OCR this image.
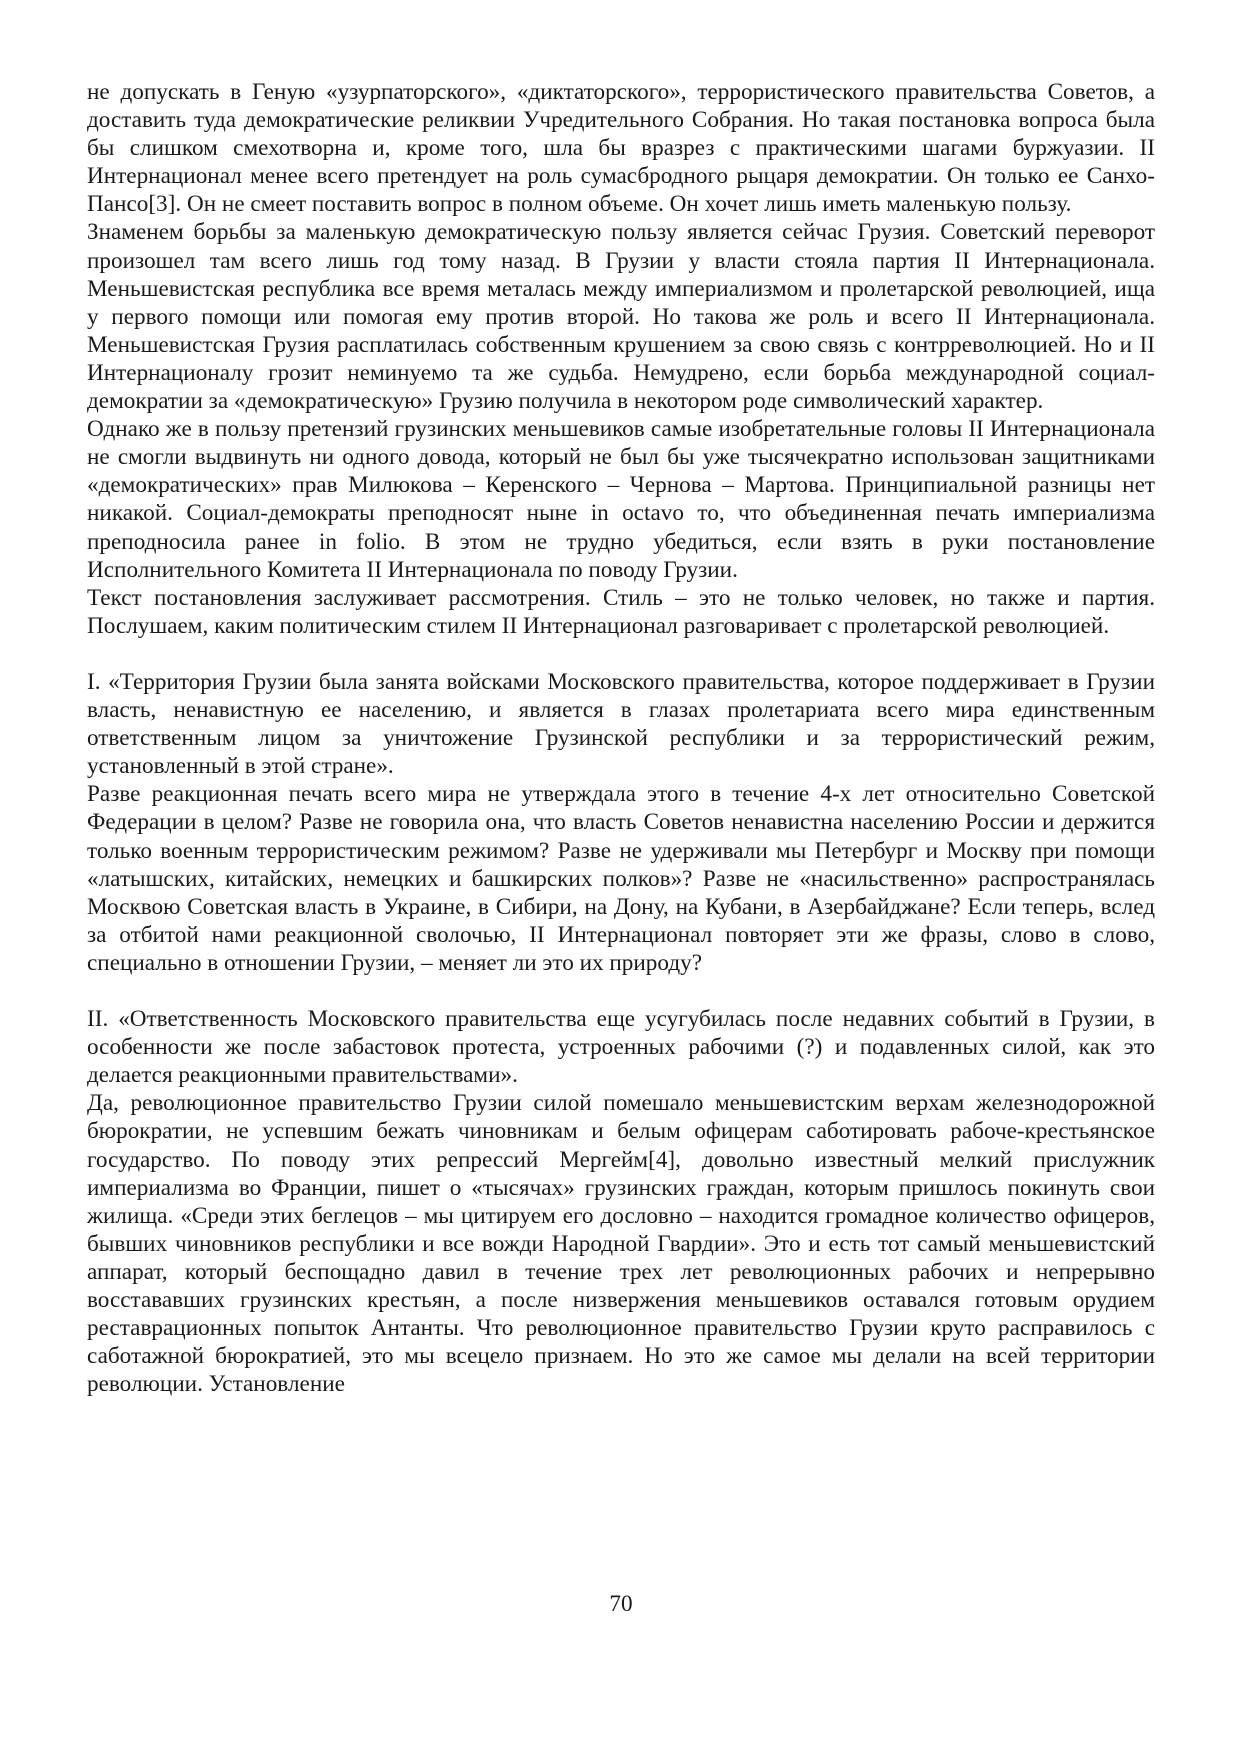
не допускать в Геную «узурпаторского», «диктаторского», террористического правительства Советов, а доставить туда демократические реликвии Учредительного Собрания. Но такая постановка вопроса была бы слишком смехотворна и, кроме того, шла бы вразрез с практическими шагами буржуазии. II Интернационал менее всего претендует на роль сумасбродного рыцаря демократии. Он только ее Санхо-Пансо[3]. Он не смеет поставить вопрос в полном объеме. Он хочет лишь иметь маленькую пользу.

Знаменем борьбы за маленькую демократическую пользу является сейчас Грузия. Советский переворот произошел там всего лишь год тому назад. В Грузии у власти стояла партия II Интернационала. Меньшевистская республика все время металась между империализмом и пролетарской революцией, ища у первого помощи или помогая ему против второй. Но такова же роль и всего II Интернационала. Меньшевистская Грузия расплатилась собственным крушением за свою связь с контрреволюцией. Но и II Интернационалу грозит неминуемо та же судьба. Немудрено, если борьба международной социал-демократии за «демократическую» Грузию получила в некотором роде символический характер.

Однако же в пользу претензий грузинских меньшевиков самые изобретательные головы II Интернационала не смогли выдвинуть ни одного довода, который не был бы уже тысячекратно использован защитниками «демократических» прав Милюкова – Керенского – Чернова – Мартова. Принципиальной разницы нет никакой. Социал-демократы преподносят ныне in octavo то, что объединенная печать империализма преподносила ранее in folio. В этом не трудно убедиться, если взять в руки постановление Исполнительного Комитета II Интернационала по поводу Грузии.

Текст постановления заслуживает рассмотрения. Стиль – это не только человек, но также и партия. Послушаем, каким политическим стилем II Интернационал разговаривает с пролетарской революцией.

I. «Территория Грузии была занята войсками Московского правительства, которое поддерживает в Грузии власть, ненавистную ее населению, и является в глазах пролетариата всего мира единственным ответственным лицом за уничтожение Грузинской республики и за террористический режим, установленный в этой стране».

Разве реакционная печать всего мира не утверждала этого в течение 4-х лет относительно Советской Федерации в целом? Разве не говорила она, что власть Советов ненавистна населению России и держится только военным террористическим режимом? Разве не удерживали мы Петербург и Москву при помощи «латышских, китайских, немецких и башкирских полков»? Разве не «насильственно» распространялась Москвою Советская власть в Украине, в Сибири, на Дону, на Кубани, в Азербайджане? Если теперь, вслед за отбитой нами реакционной сволочью, II Интернационал повторяет эти же фразы, слово в слово, специально в отношении Грузии, – меняет ли это их природу?

II. «Ответственность Московского правительства еще усугубилась после недавних событий в Грузии, в особенности же после забастовок протеста, устроенных рабочими (?) и подавленных силой, как это делается реакционными правительствами».

Да, революционное правительство Грузии силой помешало меньшевистским верхам железнодорожной бюрократии, не успевшим бежать чиновникам и белым офицерам саботировать рабоче-крестьянское государство. По поводу этих репрессий Мергейм[4], довольно известный мелкий прислужник империализма во Франции, пишет о «тысячах» грузинских граждан, которым пришлось покинуть свои жилища. «Среди этих беглецов – мы цитируем его дословно – находится громадное количество офицеров, бывших чиновников республики и все вожди Народной Гвардии». Это и есть тот самый меньшевистский аппарат, который беспощадно давил в течение трех лет революционных рабочих и непрерывно восстававших грузинских крестьян, а после низвержения меньшевиков оставался готовым орудием реставрационных попыток Антанты. Что революционное правительство Грузии круто расправилось с саботажной бюрократией, это мы всецело признаем. Но это же самое мы делали на всей территории революции. Установление

70
